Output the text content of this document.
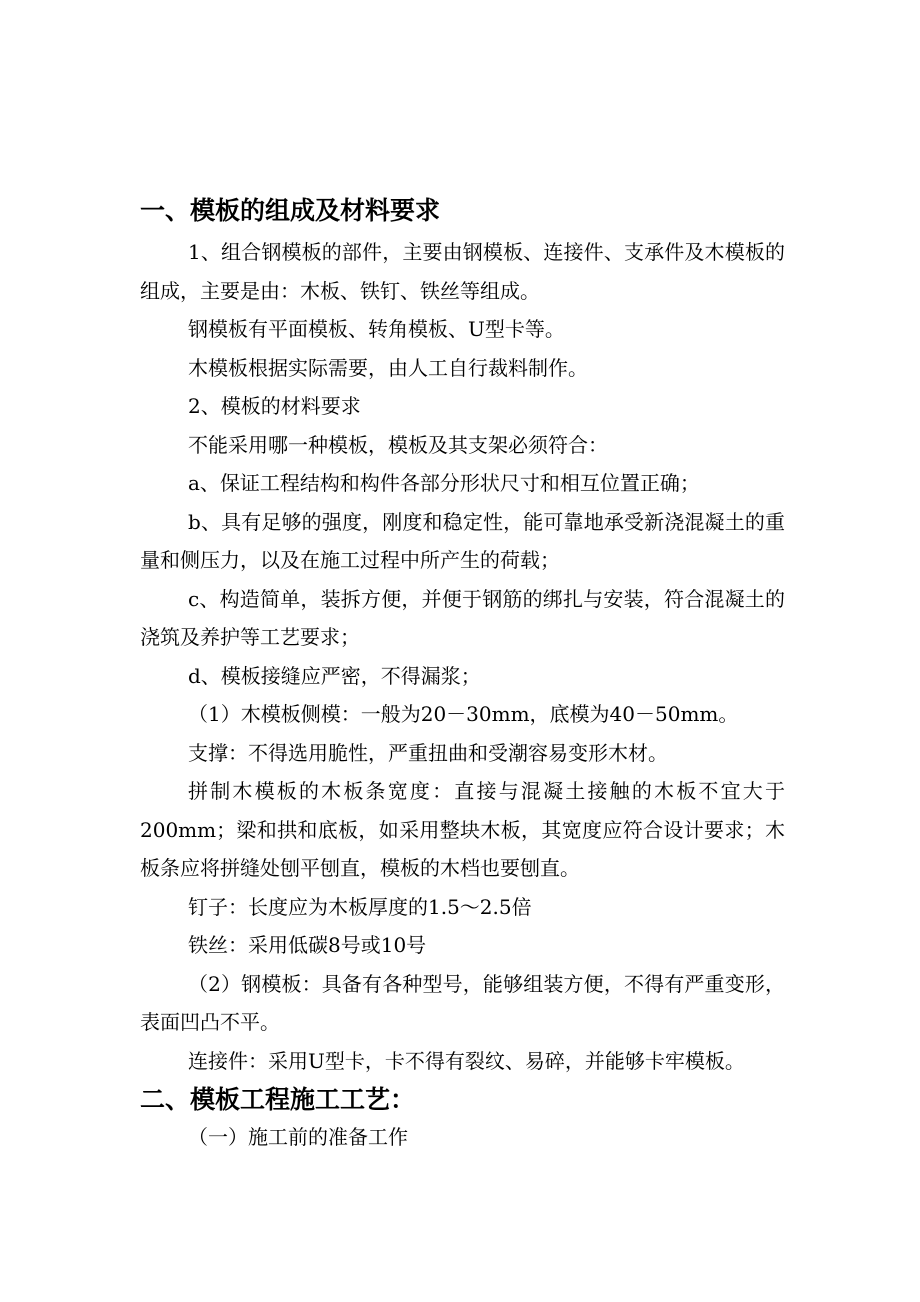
一、模板的组成及材料要求

1、组合钢模板的部件，主要由钢模板、连接件、支承件及木模板的组成，主要是由：木板、铁钉、铁丝等组成。

钢模板有平面模板、转角模板、U型卡等。

木模板根据实际需要，由人工自行裁料制作。

2、模板的材料要求

不能采用哪一种模板，模板及其支架必须符合：

a、保证工程结构和构件各部分形状尺寸和相互位置正确；

b、具有足够的强度，刚度和稳定性，能可靠地承受新浇混凝土的重量和侧压力，以及在施工过程中所产生的荷载；

c、构造简单，装拆方便，并便于钢筋的绑扎与安装，符合混凝土的浇筑及养护等工艺要求；

d、模板接缝应严密，不得漏浆；

（1）木模板侧模：一般为20－30mm，底模为40－50mm。

支撑：不得选用脆性，严重扭曲和受潮容易变形木材。

拼制木模板的木板条宽度：直接与混凝土接触的木板不宜大于200mm；梁和拱和底板，如采用整块木板，其宽度应符合设计要求；木板条应将拼缝处刨平刨直，模板的木档也要刨直。

钉子：长度应为木板厚度的1.5～2.5倍

铁丝：采用低碳8号或10号

（2）钢模板：具备有各种型号，能够组装方便，不得有严重变形，表面凹凸不平。

连接件：采用U型卡，卡不得有裂纹、易碎，并能够卡牢模板。

二、模板工程施工工艺：

（一）施工前的准备工作
